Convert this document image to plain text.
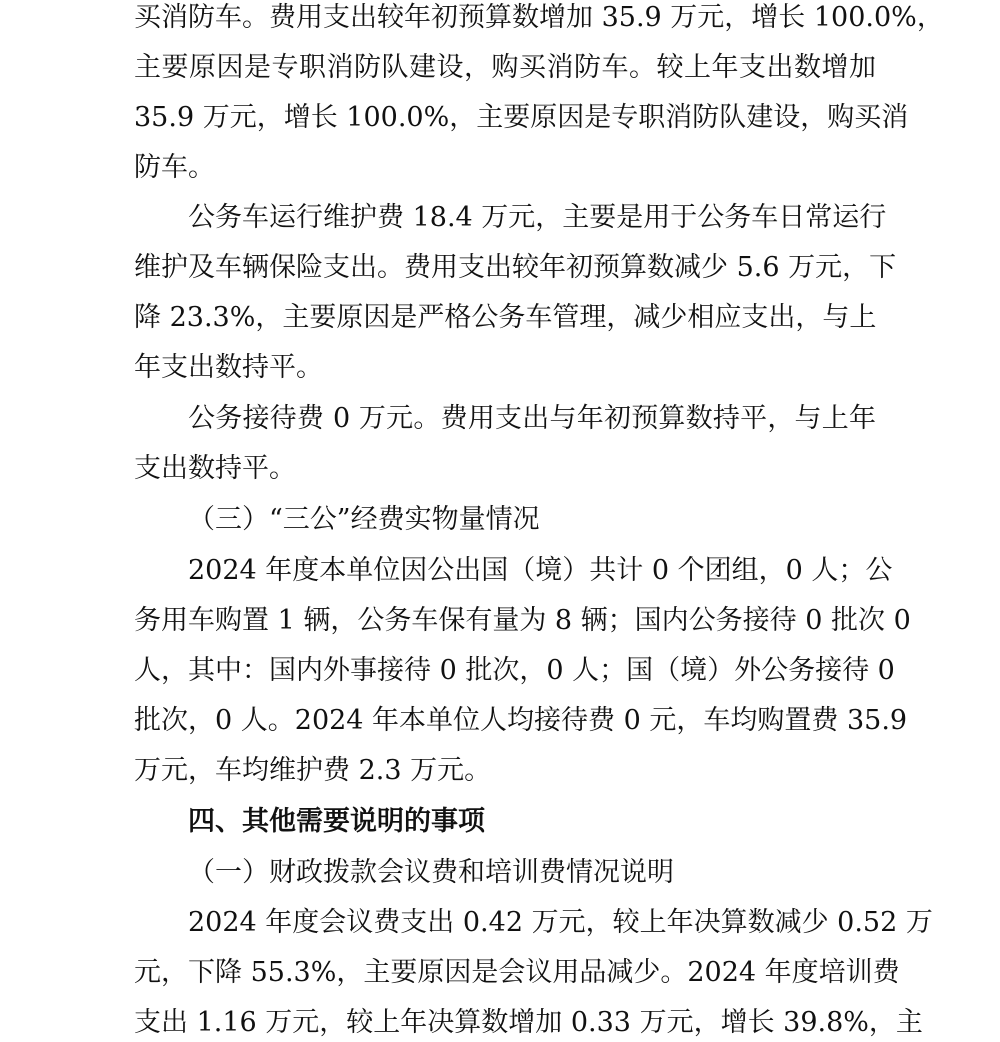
买消防车。费用支出较年初预算数增加 35.9 万元，增长 100.0%，
主要原因是专职消防队建设，购买消防车。较上年支出数增加
35.9 万元，增长 100.0%，主要原因是专职消防队建设，购买消
防车。
公务车运行维护费 18.4 万元，主要是用于公务车日常运行
维护及车辆保险支出。费用支出较年初预算数减少 5.6 万元，下
降 23.3%，主要原因是严格公务车管理，减少相应支出，与上
年支出数持平。
公务接待费 0 万元。费用支出与年初预算数持平，与上年
支出数持平。
（三）“三公”经费实物量情况
2024 年度本单位因公出国（境）共计 0 个团组，0 人；公
务用车购置 1 辆，公务车保有量为 8 辆；国内公务接待 0 批次 0
人，其中：国内外事接待 0 批次，0 人；国（境）外公务接待 0
批次，0 人。2024 年本单位人均接待费 0 元，车均购置费 35.9
万元，车均维护费 2.3 万元。
四、其他需要说明的事项
（一）财政拨款会议费和培训费情况说明
2024 年度会议费支出 0.42 万元，较上年决算数减少 0.52 万
元，下降 55.3%，主要原因是会议用品减少。2024 年度培训费
支出 1.16 万元，较上年决算数增加 0.33 万元，增长 39.8%，主
